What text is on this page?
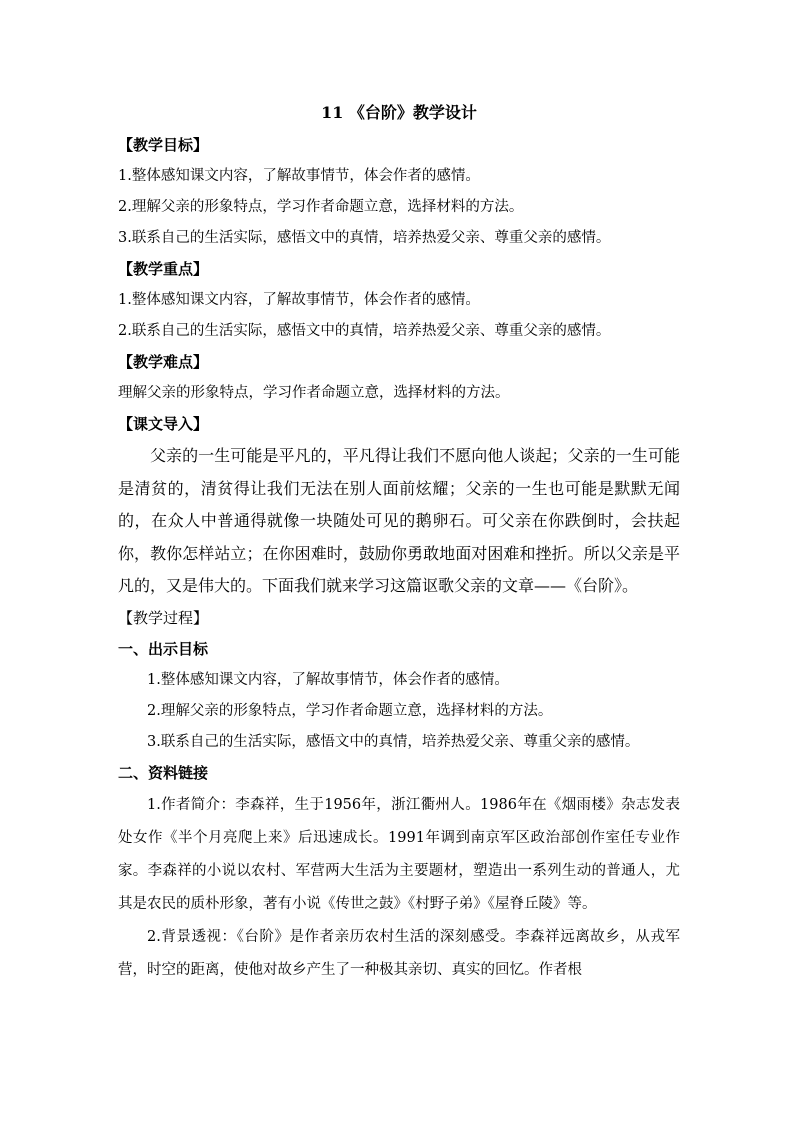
11 《台阶》教学设计
【教学目标】
1.整体感知课文内容，了解故事情节，体会作者的感情。
2.理解父亲的形象特点，学习作者命题立意，选择材料的方法。
3.联系自己的生活实际，感悟文中的真情，培养热爱父亲、尊重父亲的感情。
【教学重点】
1.整体感知课文内容，了解故事情节，体会作者的感情。
2.联系自己的生活实际，感悟文中的真情，培养热爱父亲、尊重父亲的感情。
【教学难点】
理解父亲的形象特点，学习作者命题立意，选择材料的方法。
【课文导入】

父亲的一生可能是平凡的，平凡得让我们不愿向他人谈起；父亲的一生可能是清贫的，清贫得让我们无法在别人面前炫耀；父亲的一生也可能是默默无闻的，在众人中普通得就像一块随处可见的鹅卵石。可父亲在你跌倒时，会扶起你，教你怎样站立；在你困难时，鼓励你勇敢地面对困难和挫折。所以父亲是平凡的，又是伟大的。下面我们就来学习这篇讴歌父亲的文章——《台阶》。

【教学过程】
一、出示目标
1.整体感知课文内容，了解故事情节，体会作者的感情。
2.理解父亲的形象特点，学习作者命题立意，选择材料的方法。
3.联系自己的生活实际，感悟文中的真情，培养热爱父亲、尊重父亲的感情。
二、资料链接

1.作者简介：李森祥，生于1956年，浙江衢州人。1986年在《烟雨楼》杂志发表处女作《半个月亮爬上来》后迅速成长。1991年调到南京军区政治部创作室任专业作家。李森祥的小说以农村、军营两大生活为主要题材，塑造出一系列生动的普通人，尤其是农民的质朴形象，著有小说《传世之鼓》《村野子弟》《屋脊丘陵》等。

2.背景透视：《台阶》是作者亲历农村生活的深刻感受。李森祥远离故乡，从戎军营，时空的距离，使他对故乡产生了一种极其亲切、真实的回忆。作者根
